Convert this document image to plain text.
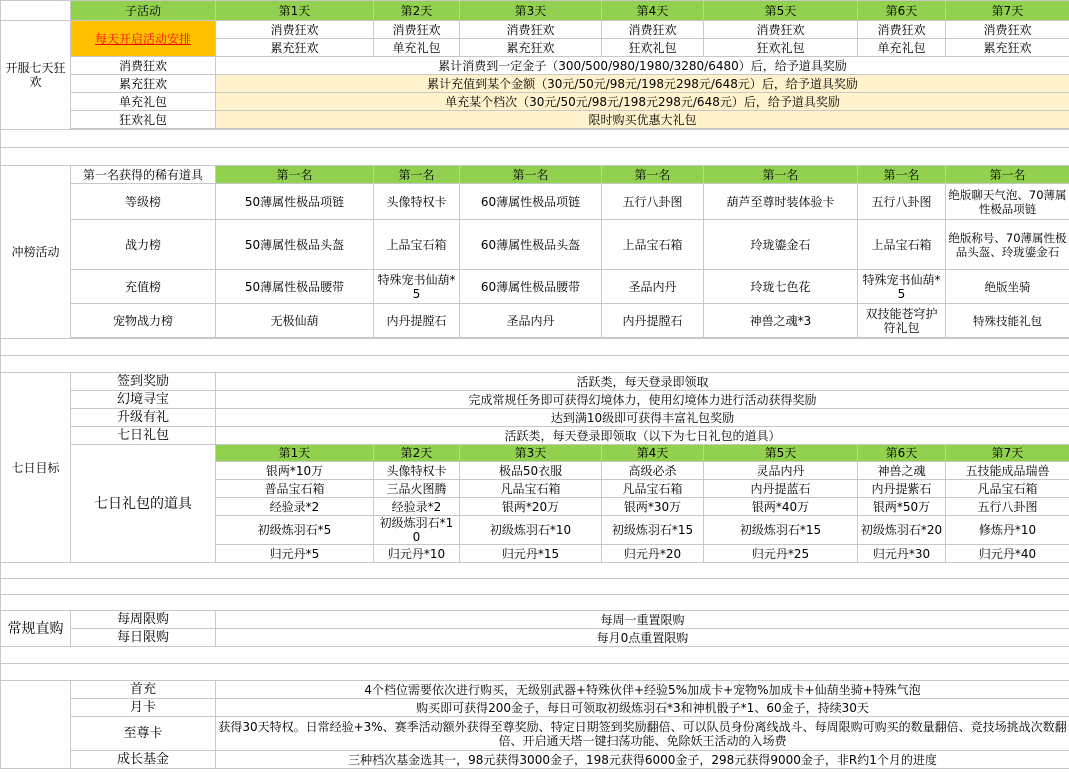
	子活动	第1天	第2天	第3天	第4天	第5天	第6天	第7天
开服七天狂欢	每天开启活动安排	消费狂欢	消费狂欢	消费狂欢	消费狂欢	消费狂欢	消费狂欢	消费狂欢
		累充狂欢	单充礼包	累充狂欢	狂欢礼包	狂欢礼包	单充礼包	累充狂欢
	消费狂欢	累计消费到一定金子（300/500/980/1980/3280/6480）后，给予道具奖励						
	累充狂欢	累计充值到某个金额（30元/50元/98元/198元298元/648元）后，给予道具奖励						
	单充礼包	单充某个档次（30元/50元/98元/198元298元/648元）后，给予道具奖励						
	狂欢礼包	限时购买优惠大礼包						

冲榜活动	第一名获得的稀有道具	第一名	第一名	第一名	第一名	第一名	第一名	第一名
	等级榜	50薄属性极品项链	头像特权卡	60薄属性极品项链	五行八卦图	葫芦至尊时装体验卡	五行八卦图	绝版聊天气泡、70薄属性极品项链
	战力榜	50薄属性极品头盔	上品宝石箱	60薄属性极品头盔	上品宝石箱	玲珑鎏金石	上品宝石箱	绝版称号、70薄属性极品头盔、玲珑鎏金石
	充值榜	50薄属性极品腰带	特殊宠书仙葫*5	60薄属性极品腰带	圣品内丹	玲珑七色花	特殊宠书仙葫*5	绝版坐骑
	宠物战力榜	无极仙葫	内丹提膛石	圣品内丹	内丹提膛石	神兽之魂*3	双技能苍穹护符礼包	特殊技能礼包

七日目标	签到奖励	活跃类，每天登录即领取						
	幻境寻宝	完成常规任务即可获得幻境体力，使用幻境体力进行活动获得奖励						
	升级有礼	达到满10级即可获得丰富礼包奖励						
	七日礼包	活跃类，每天登录即领取（以下为七日礼包的道具）						
	七日礼包的道具	第1天	第2天	第3天	第4天	第5天	第6天	第7天
		银两*10万	头像特权卡	极品50衣服	高级必杀	灵品内丹	神兽之魂	五技能成品瑞兽
		普品宝石箱	三品火图腾	凡品宝石箱	凡品宝石箱	内丹提蓝石	内丹提紫石	凡品宝石箱
		经验录*2	经验录*2	银两*20万	银两*30万	银两*40万	银两*50万	五行八卦图
		初级炼羽石*5	初级炼羽石*10	初级炼羽石*10	初级炼羽石*15	初级炼羽石*15	初级炼羽石*20	修炼丹*10
		归元丹*5	归元丹*10	归元丹*15	归元丹*20	归元丹*25	归元丹*30	归元丹*40

常规直购	每周限购	每周一重置限购						
	每日限购	每月0点重置限购						

	首充	4个档位需要依次进行购买，无级别武器+特殊伙伴+经验5%加成卡+宠物%加成卡+仙葫坐骑+特殊气泡						
	月卡	购买即可获得200金子，每日可领取初级炼羽石*3和神机骰子*1、60金子，持续30天						
	至尊卡	获得30天特权。日常经验+3%、赛季活动额外获得至尊奖励、特定日期签到奖励翻倍、可以队员身份离线战斗、每周限购可购买的数量翻倍、竞技场挑战次数翻倍、开启通天塔一键扫荡功能、免除妖王活动的入场费						
	成长基金	三种档次基金选其一，98元获得3000金子，198元获得6000金子，298元获得9000金子，非R约1个月的进度						
